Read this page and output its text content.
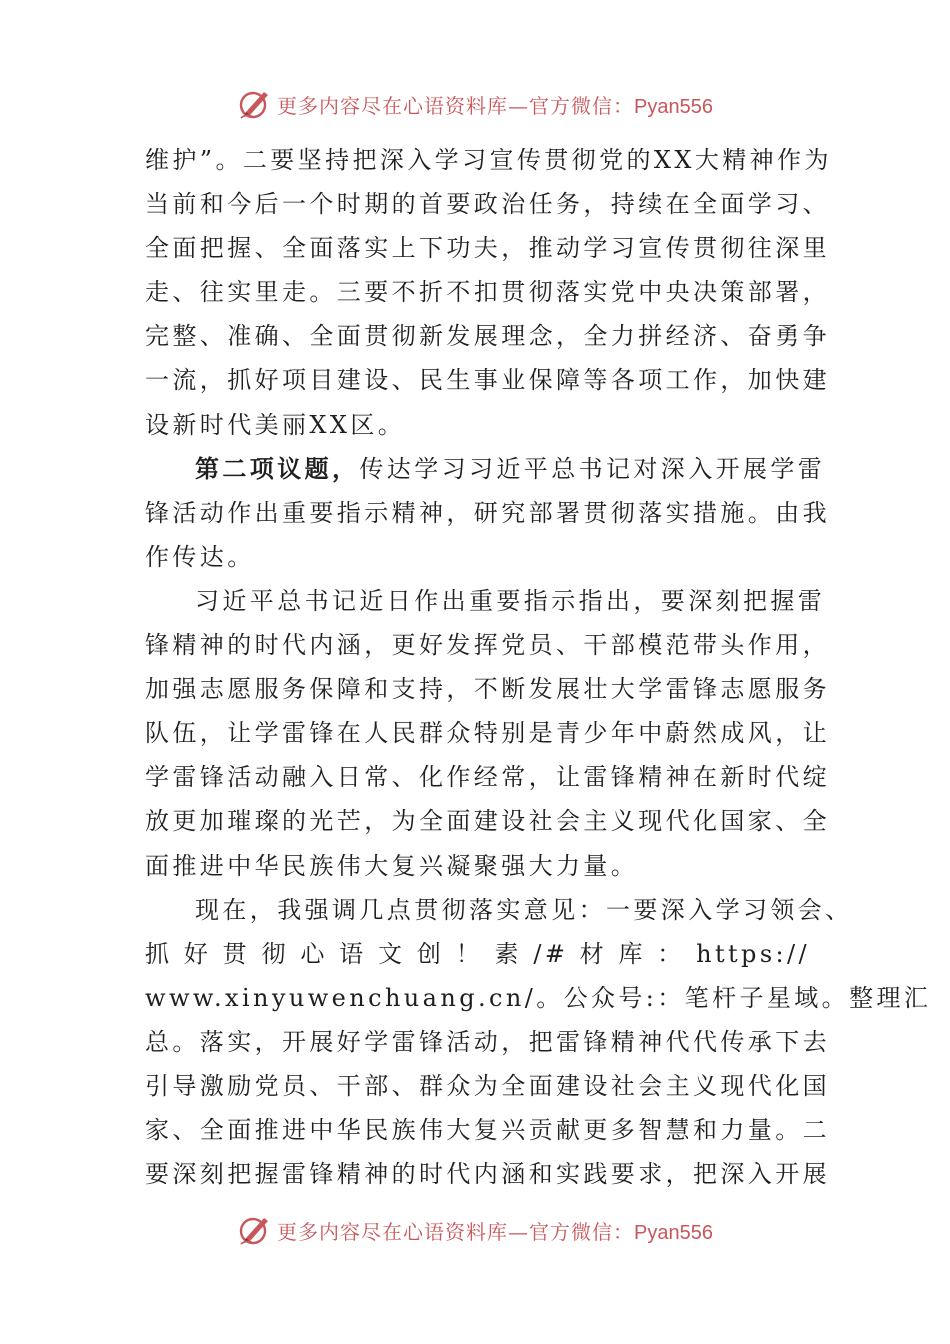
更多内容尽在心语资料库—官方微信：Pyan556
维护”。二要坚持把深入学习宣传贯彻党的XX大精神作为
当前和今后一个时期的首要政治任务，持续在全面学习、
全面把握、全面落实上下功夫，推动学习宣传贯彻往深里
走、往实里走。三要不折不扣贯彻落实党中央决策部署，
完整、准确、全面贯彻新发展理念，全力拼经济、奋勇争
一流，抓好项目建设、民生事业保障等各项工作，加快建
设新时代美丽XX区。
第二项议题，传达学习习近平总书记对深入开展学雷
锋活动作出重要指示精神，研究部署贯彻落实措施。由我
作传达。
习近平总书记近日作出重要指示指出，要深刻把握雷
锋精神的时代内涵，更好发挥党员、干部模范带头作用，
加强志愿服务保障和支持，不断发展壮大学雷锋志愿服务
队伍，让学雷锋在人民群众特别是青少年中蔚然成风，让
学雷锋活动融入日常、化作经常，让雷锋精神在新时代绽
放更加璀璨的光芒，为全面建设社会主义现代化国家、全
面推进中华民族伟大复兴凝聚强大力量。
现在，我强调几点贯彻落实意见：一要深入学习领会、
抓 好 贯 彻 心 语 文 创 ！ 素 /# 材 库 ： https://
www.xinyuwenchuang.cn/。公众号:：笔杆子星域。整理汇
总。落实，开展好学雷锋活动，把雷锋精神代代传承下去
引导激励党员、干部、群众为全面建设社会主义现代化国
家、全面推进中华民族伟大复兴贡献更多智慧和力量。二
要深刻把握雷锋精神的时代内涵和实践要求，把深入开展
更多内容尽在心语资料库—官方微信：Pyan556
